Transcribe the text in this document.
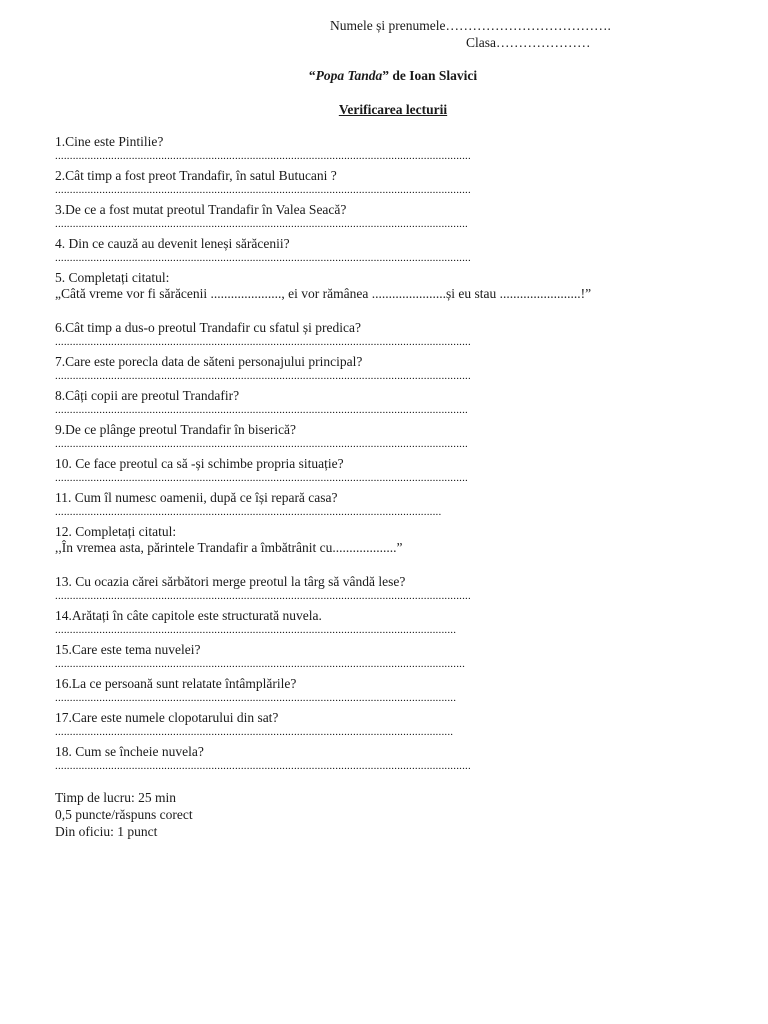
Numele și prenumele……………………………….
Clasa…………………
“Popa Tanda” de Ioan Slavici
Verificarea lecturii
1.Cine este Pintilie?
.............................................................................................................................................
2.Cât timp a fost preot Trandafir, în satul Butucani ?
.............................................................................................................................................
3.De ce a fost mutat preotul Trandafir în Valea Seacă?
............................................................................................................................................
4. Din ce cauză au devenit leneși sărăcenii?
.............................................................................................................................................
5. Completați citatul:
„Câtă vreme vor fi sărăcenii ....................., ei vor rămânea ......................și eu stau ........................!”
6.Cât timp a dus-o preotul Trandafir cu sfatul și predica?
.............................................................................................................................................
7.Care este porecla data de săteni personajului principal?
.............................................................................................................................................
8.Câți copii are preotul Trandafir?
............................................................................................................................................
9.De ce plânge preotul Trandafir în biserică?
............................................................................................................................................
10. Ce face preotul ca să -și schimbe propria situație?
............................................................................................................................................
11. Cum îl numesc oamenii, după ce își repară casa?
...................................................................................................................................
12. Completați citatul:
,,În vremea asta, părintele Trandafir a îmbătrânit cu...................”
13. Cu ocazia cărei sărbători merge preotul la târg să vândă lese?
.............................................................................................................................................
14.Arătați în câte capitole este structurată nuvela.
........................................................................................................................................
15.Care este tema nuvelei?
...........................................................................................................................................
16.La ce persoană sunt relatate întâmplările?
........................................................................................................................................
17.Care este numele clopotarului din sat?
.......................................................................................................................................
18. Cum se încheie nuvela?
.............................................................................................................................................
Timp de lucru: 25 min
0,5 puncte/răspuns corect
Din oficiu: 1 punct
